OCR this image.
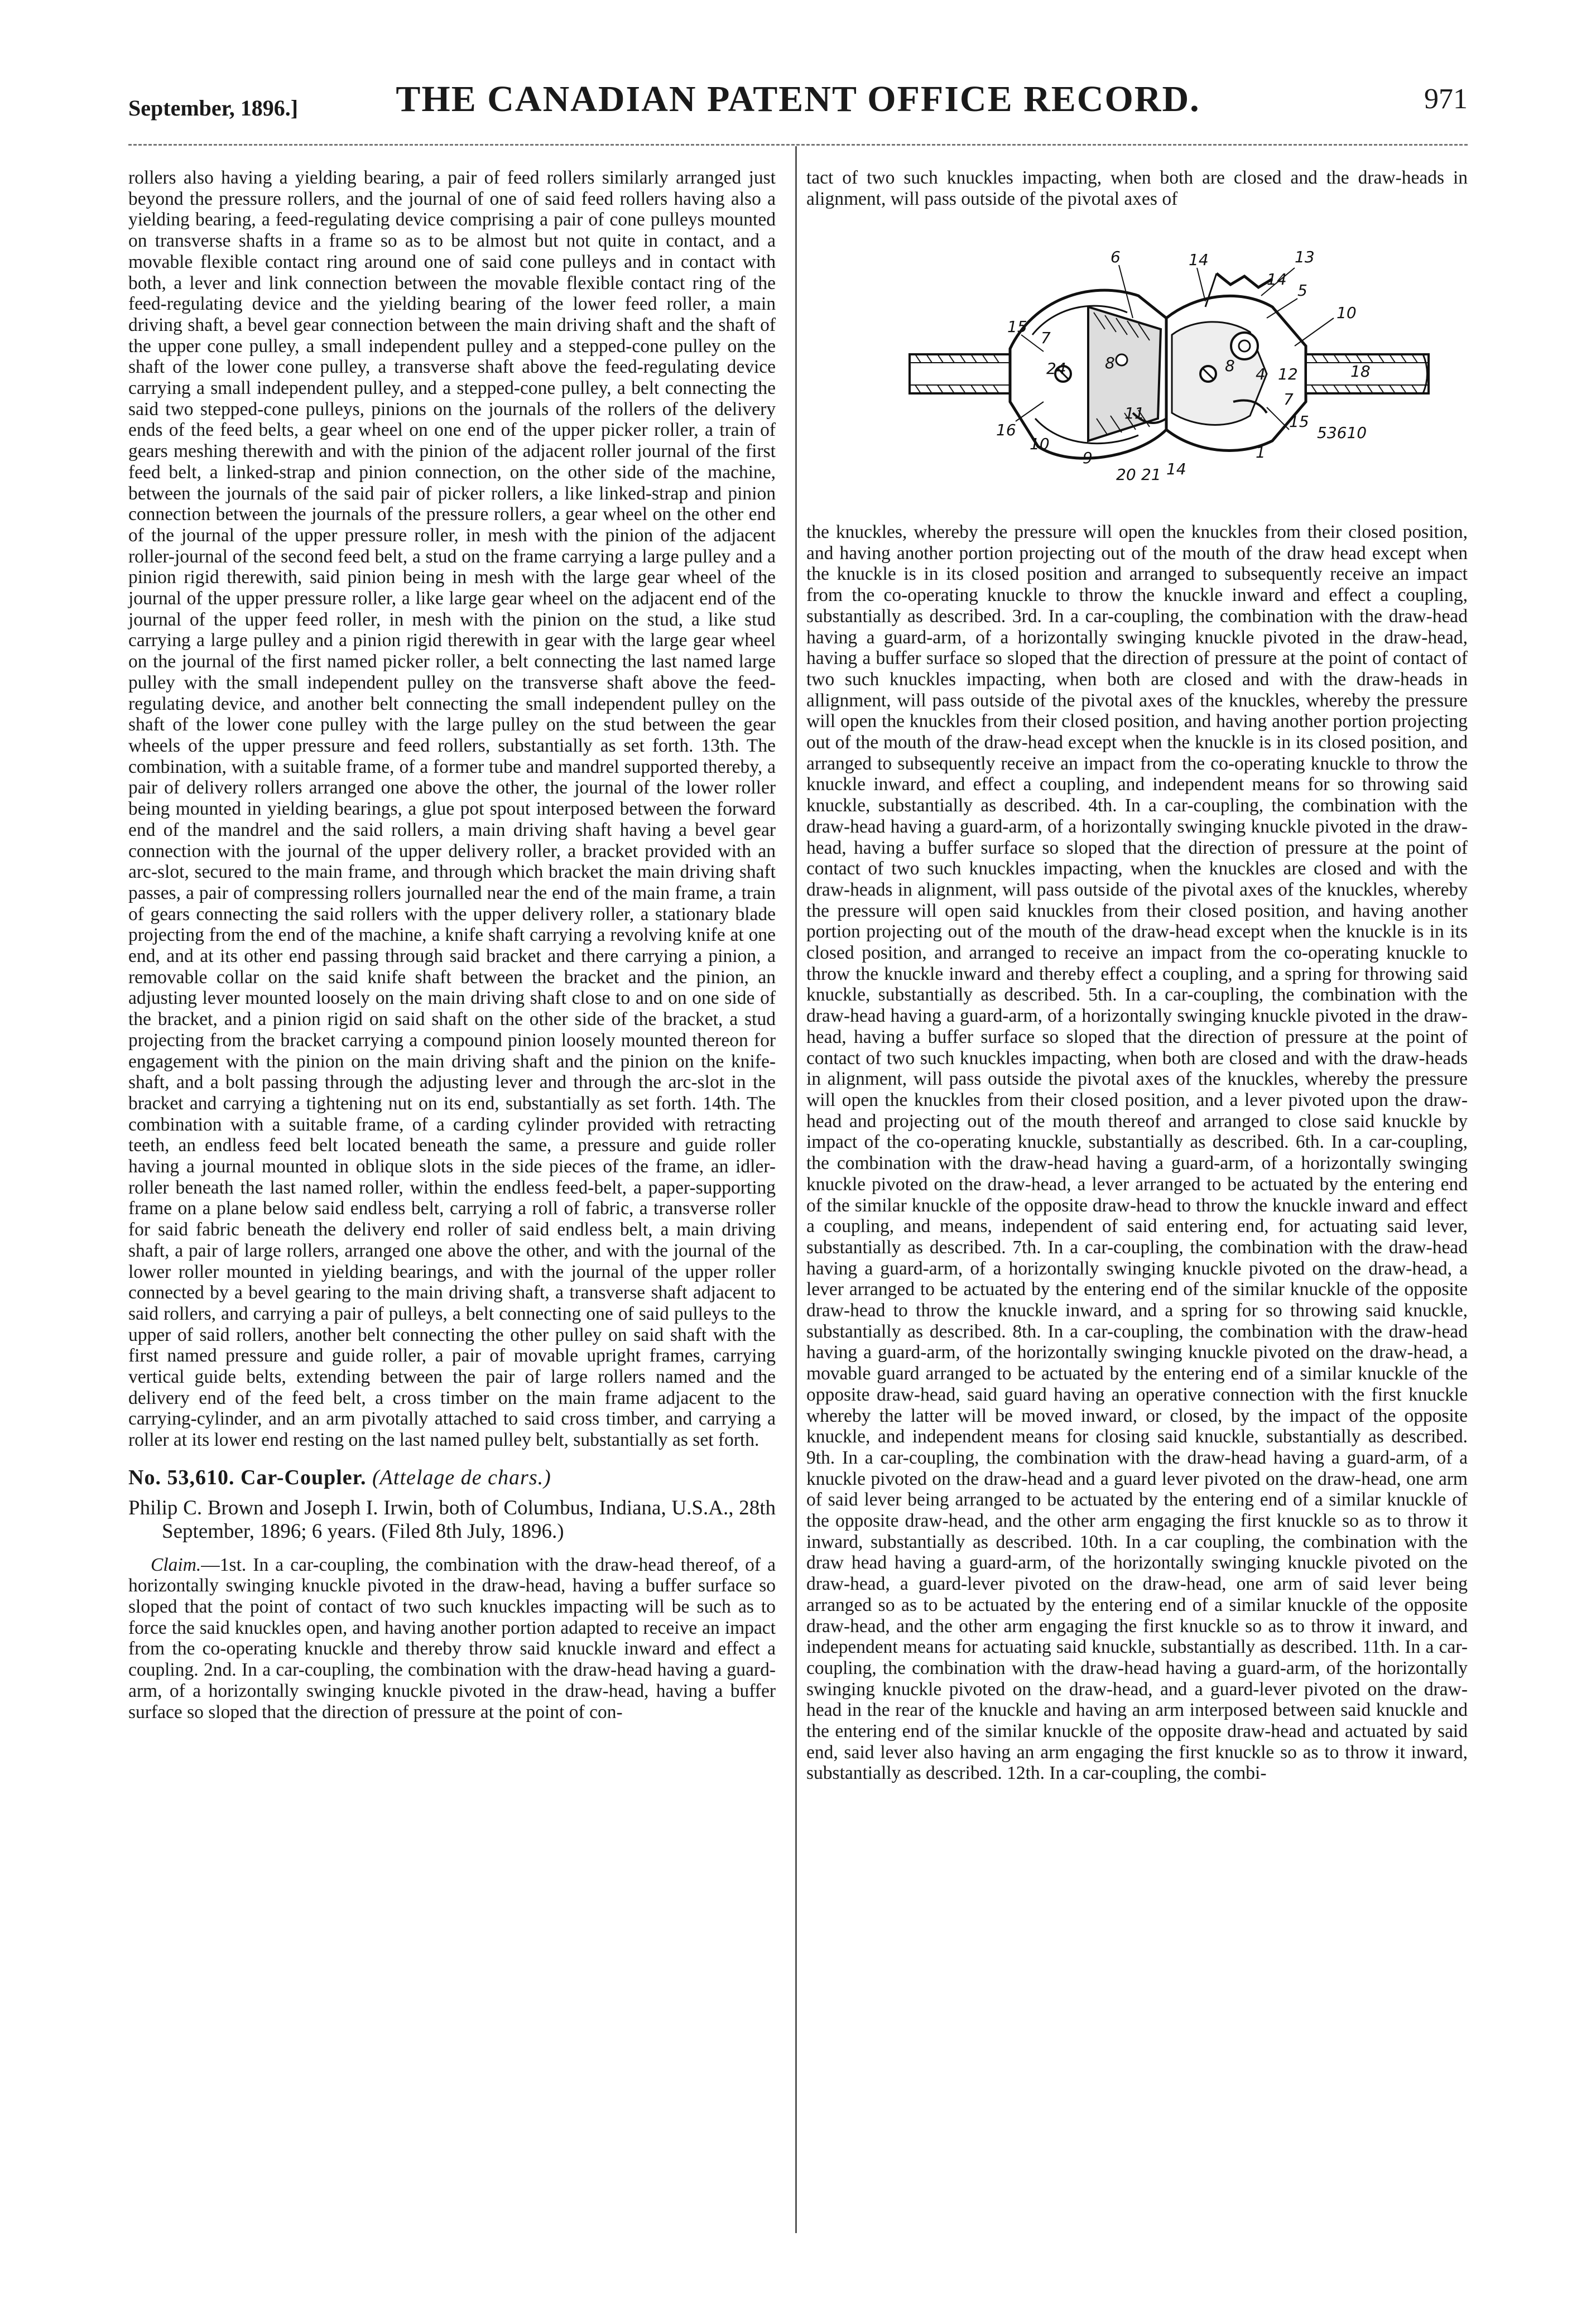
September, 1896.]	THE CANADIAN PATENT OFFICE RECORD.	971

rollers also having a yielding bearing, a pair of feed rollers similarly arranged just beyond the pressure rollers, and the journal of one of said feed rollers having also a yielding bearing, a feed-regulating device comprising a pair of cone pulleys mounted on transverse shafts in a frame so as to be almost but not quite in contact, and a movable flexible contact ring around one of said cone pulleys and in contact with both, a lever and link connection between the movable flexible contact ring of the feed-regulating device and the yielding bearing of the lower feed roller, a main driving shaft, a bevel gear connection between the main driving shaft and the shaft of the upper cone pulley, a small independent pulley and a stepped-cone pulley on the shaft of the lower cone pulley, a transverse shaft above the feed-regulating device carrying a small independent pulley, and a stepped-cone pulley, a belt connecting the said two stepped-cone pulleys, pinions on the journals of the rollers of the delivery ends of the feed belts, a gear wheel on one end of the upper picker roller, a train of gears meshing therewith and with the pinion of the adjacent roller journal of the first feed belt, a linked-strap and pinion connection, on the other side of the machine, between the journals of the said pair of picker rollers, a like linked-strap and pinion connection between the journals of the pressure rollers, a gear wheel on the other end of the journal of the upper pressure roller, in mesh with the pinion of the adjacent roller-journal of the second feed belt, a stud on the frame carrying a large pulley and a pinion rigid therewith, said pinion being in mesh with the large gear wheel of the journal of the upper pressure roller, a like large gear wheel on the adjacent end of the journal of the upper feed roller, in mesh with the pinion on the stud, a like stud carrying a large pulley and a pinion rigid therewith in gear with the large gear wheel on the journal of the first named picker roller, a belt connecting the last named large pulley with the small independent pulley on the transverse shaft above the feed-regulating device, and another belt connecting the small independent pulley on the shaft of the lower cone pulley with the large pulley on the stud between the gear wheels of the upper pressure and feed rollers, substantially as set forth. 13th. The combination, with a suitable frame, of a former tube and mandrel supported thereby, a pair of delivery rollers arranged one above the other, the journal of the lower roller being mounted in yielding bearings, a glue pot spout interposed between the forward end of the mandrel and the said rollers, a main driving shaft having a bevel gear connection with the journal of the upper delivery roller, a bracket provided with an arc-slot, secured to the main frame, and through which bracket the main driving shaft passes, a pair of compressing rollers journalled near the end of the main frame, a train of gears connecting the said rollers with the upper delivery roller, a stationary blade projecting from the end of the machine, a knife shaft carrying a revolving knife at one end, and at its other end passing through said bracket and there carrying a pinion, a removable collar on the said knife shaft between the bracket and the pinion, an adjusting lever mounted loosely on the main driving shaft close to and on one side of the bracket, and a pinion rigid on said shaft on the other side of the bracket, a stud projecting from the bracket carrying a compound pinion loosely mounted thereon for engagement with the pinion on the main driving shaft and the pinion on the knife-shaft, and a bolt passing through the adjusting lever and through the arc-slot in the bracket and carrying a tightening nut on its end, substantially as set forth. 14th. The combination with a suitable frame, of a carding cylinder provided with retracting teeth, an endless feed belt located beneath the same, a pressure and guide roller having a journal mounted in oblique slots in the side pieces of the frame, an idler-roller beneath the last named roller, within the endless feed-belt, a paper-supporting frame on a plane below said endless belt, carrying a roll of fabric, a transverse roller for said fabric beneath the delivery end roller of said endless belt, a main driving shaft, a pair of large rollers, arranged one above the other, and with the journal of the lower roller mounted in yielding bearings, and with the journal of the upper roller connected by a bevel gearing to the main driving shaft, a transverse shaft adjacent to said rollers, and carrying a pair of pulleys, a belt connecting one of said pulleys to the upper of said rollers, another belt connecting the other pulley on said shaft with the first named pressure and guide roller, a pair of movable upright frames, carrying vertical guide belts, extending between the pair of large rollers named and the delivery end of the feed belt, a cross timber on the main frame adjacent to the carrying-cylinder, and an arm pivotally attached to said cross timber, and carrying a roller at its lower end resting on the last named pulley belt, substantially as set forth.

No. 53,610. Car-Coupler. (Attelage de chars.)

Philip C. Brown and Joseph I. Irwin, both of Columbus, Indiana, U.S.A., 28th September, 1896; 6 years. (Filed 8th July, 1896.)

Claim.—1st. In a car-coupling, the combination with the draw-head thereof, of a horizontally swinging knuckle pivoted in the draw-head, having a buffer surface so sloped that the point of contact of two such knuckles impacting will be such as to force the said knuckles open, and having another portion adapted to receive an impact from the co-operating knuckle and thereby throw said knuckle inward and effect a coupling. 2nd. In a car-coupling, the combination with the draw-head having a guard-arm, of a horizontally swinging knuckle pivoted in the draw-head, having a buffer surface so sloped that the direction of pressure at the point of con-

tact of two such knuckles impacting, when both are closed and the draw-heads in alignment, will pass outside of the pivotal axes of

6	14	13
14
5
10
15
7
24 8	8 4 12	18
7
16
11
10
9
20 21 14
1
15
53610

the knuckles, whereby the pressure will open the knuckles from their closed position, and having another portion projecting out of the mouth of the draw head except when the knuckle is in its closed position and arranged to subsequently receive an impact from the co-operating knuckle to throw the knuckle inward and effect a coupling, substantially as described. 3rd. In a car-coupling, the combination with the draw-head having a guard-arm, of a horizontally swinging knuckle pivoted in the draw-head, having a buffer surface so sloped that the direction of pressure at the point of contact of two such knuckles impacting, when both are closed and with the draw-heads in allignment, will pass outside of the pivotal axes of the knuckles, whereby the pressure will open the knuckles from their closed position, and having another portion projecting out of the mouth of the draw-head except when the knuckle is in its closed position, and arranged to subsequently receive an impact from the co-operating knuckle to throw the knuckle inward, and effect a coupling, and independent means for so throwing said knuckle, substantially as described. 4th. In a car-coupling, the combination with the draw-head having a guard-arm, of a horizontally swinging knuckle pivoted in the draw-head, having a buffer surface so sloped that the direction of pressure at the point of contact of two such knuckles impacting, when the knuckles are closed and with the draw-heads in alignment, will pass outside of the pivotal axes of the knuckles, whereby the pressure will open said knuckles from their closed position, and having another portion projecting out of the mouth of the draw-head except when the knuckle is in its closed position, and arranged to receive an impact from the co-operating knuckle to throw the knuckle inward and thereby effect a coupling, and a spring for throwing said knuckle, substantially as described. 5th. In a car-coupling, the combination with the draw-head having a guard-arm, of a horizontally swinging knuckle pivoted in the draw-head, having a buffer surface so sloped that the direction of pressure at the point of contact of two such knuckles impacting, when both are closed and with the draw-heads in alignment, will pass outside the pivotal axes of the knuckles, whereby the pressure will open the knuckles from their closed position, and a lever pivoted upon the draw-head and projecting out of the mouth thereof and arranged to close said knuckle by impact of the co-operating knuckle, substantially as described. 6th. In a car-coupling, the combination with the draw-head having a guard-arm, of a horizontally swinging knuckle pivoted on the draw-head, a lever arranged to be actuated by the entering end of the similar knuckle of the opposite draw-head to throw the knuckle inward and effect a coupling, and means, independent of said entering end, for actuating said lever, substantially as described. 7th. In a car-coupling, the combination with the draw-head having a guard-arm, of a horizontally swinging knuckle pivoted on the draw-head, a lever arranged to be actuated by the entering end of the similar knuckle of the opposite draw-head to throw the knuckle inward, and a spring for so throwing said knuckle, substantially as described. 8th. In a car-coupling, the combination with the draw-head having a guard-arm, of the horizontally swinging knuckle pivoted on the draw-head, a movable guard arranged to be actuated by the entering end of a similar knuckle of the opposite draw-head, said guard having an operative connection with the first knuckle whereby the latter will be moved inward, or closed, by the impact of the opposite knuckle, and independent means for closing said knuckle, substantially as described. 9th. In a car-coupling, the combination with the draw-head having a guard-arm, of a knuckle pivoted on the draw-head and a guard lever pivoted on the draw-head, one arm of said lever being arranged to be actuated by the entering end of a similar knuckle of the opposite draw-head, and the other arm engaging the first knuckle so as to throw it inward, substantially as described. 10th. In a car coupling, the combination with the draw head having a guard-arm, of the horizontally swinging knuckle pivoted on the draw-head, a guard-lever pivoted on the draw-head, one arm of said lever being arranged so as to be actuated by the entering end of a similar knuckle of the opposite draw-head, and the other arm engaging the first knuckle so as to throw it inward, and independent means for actuating said knuckle, substantially as described. 11th. In a car-coupling, the combination with the draw-head having a guard-arm, of the horizontally swinging knuckle pivoted on the draw-head, and a guard-lever pivoted on the draw-head in the rear of the knuckle and having an arm interposed between said knuckle and the entering end of the similar knuckle of the opposite draw-head and actuated by said end, said lever also having an arm engaging the first knuckle so as to throw it inward, substantially as described. 12th. In a car-coupling, the combi-
